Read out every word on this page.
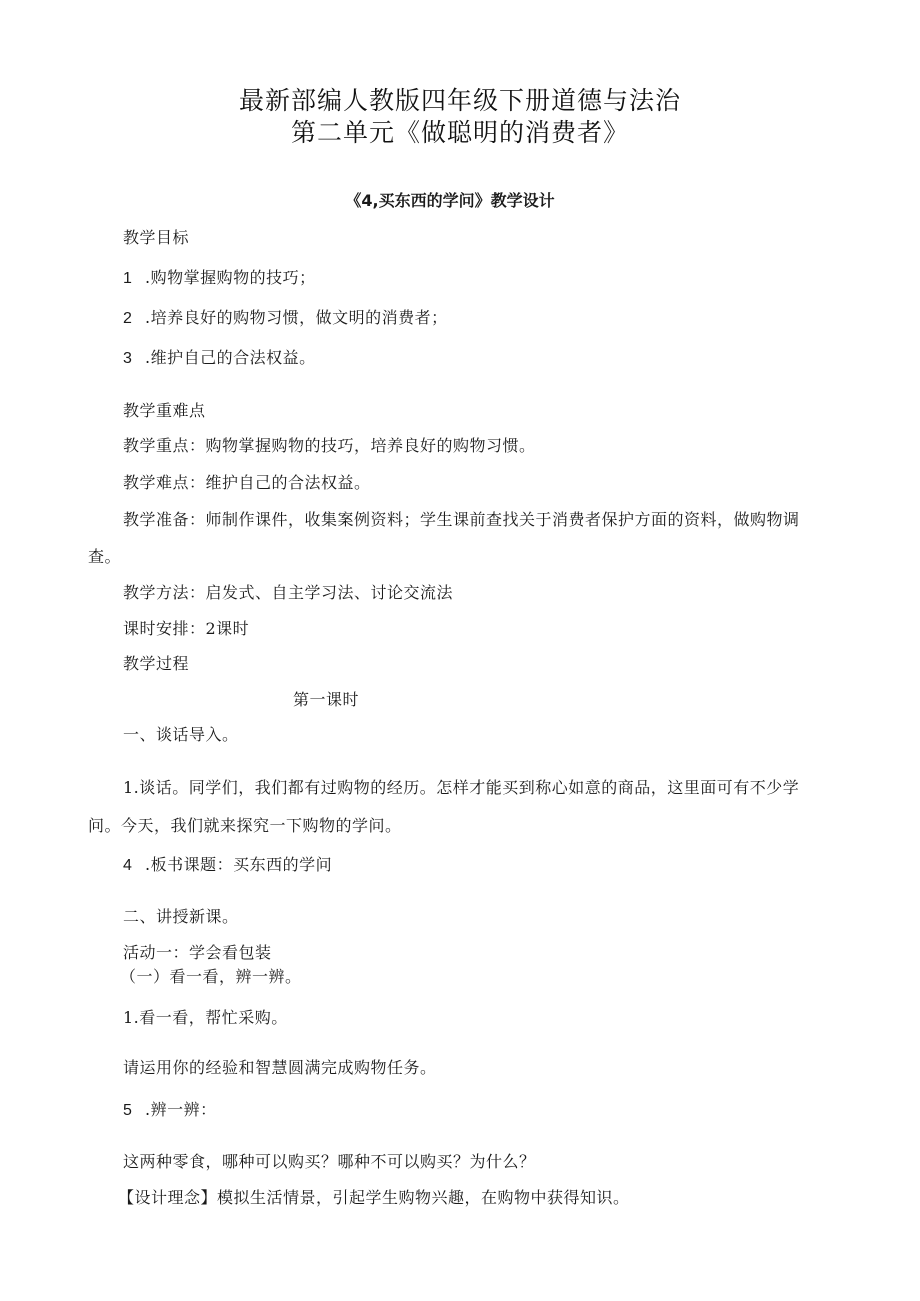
最新部编人教版四年级下册道德与法治
第二单元《做聪明的消费者》
《4,买东西的学问》教学设计
教学目标
1 .购物掌握购物的技巧；
2 .培养良好的购物习惯，做文明的消费者；
3 .维护自己的合法权益。
教学重难点
教学重点：购物掌握购物的技巧，培养良好的购物习惯。
教学难点：维护自己的合法权益。
教学准备：师制作课件，收集案例资料；学生课前查找关于消费者保护方面的资料，做购物调
查。
教学方法：启发式、自主学习法、讨论交流法
课时安排：2课时
教学过程
第一课时
一、谈话导入。
1.谈话。同学们，我们都有过购物的经历。怎样才能买到称心如意的商品，这里面可有不少学
问。今天，我们就来探究一下购物的学问。
4 .板书课题：买东西的学问
二、讲授新课。
活动一：学会看包装
（一）看一看，辨一辨。
1.看一看，帮忙采购。
请运用你的经验和智慧圆满完成购物任务。
5 .辨一辨：
这两种零食，哪种可以购买？哪种不可以购买？为什么？
【设计理念】模拟生活情景，引起学生购物兴趣，在购物中获得知识。
